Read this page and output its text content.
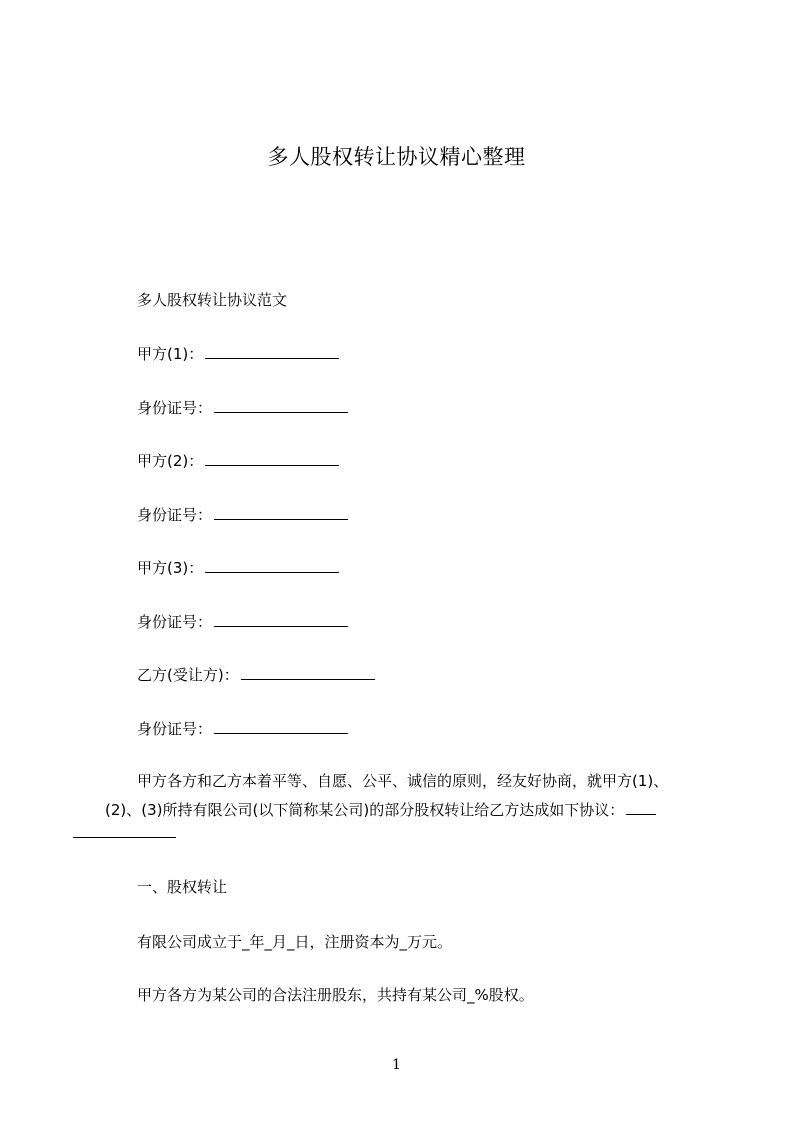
多人股权转让协议精心整理
多人股权转让协议范文
甲方(1)：
身份证号：
甲方(2)：
身份证号：
甲方(3)：
身份证号：
乙方(受让方)：
身份证号：
甲方各方和乙方本着平等、自愿、公平、诚信的原则，经友好协商，就甲方(1)、(2)、(3)所持有限公司(以下简称某公司)的部分股权转让给乙方达成如下协议：
一、股权转让
有限公司成立于_年_月_日，注册资本为_万元。
甲方各方为某公司的合法注册股东，共持有某公司_%股权。
1
